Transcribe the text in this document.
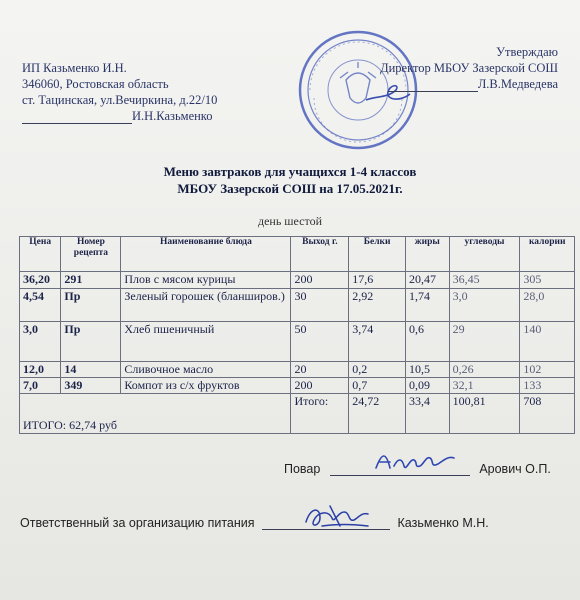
ИП Казьменко И.Н.
346060, Ростовская область
ст. Тацинская, ул.Вечиркина, д.22/10
И.Н.Казьменко
Утверждаю
Директор МБОУ Зазерской СОШ
Л.В.Медведева
Меню завтраков для учащихся 1-4 классов
МБОУ Зазерской СОШ на 17.05.2021г.
день шестой
Цена	Номер рецепта	Наименование блюда	Выход г.	Белки	жиры	углеводы	калории
36,20	291	Плов с мясом курицы	200	17,6	20,47	36,45	305
4,54	Пр	Зеленый горошек (бланширов.)	30	2,92	1,74	3,0	28,0
3,0	Пр	Хлеб пшеничный	50	3,74	0,6	29	140
12,0	14	Сливочное масло	20	0,2	10,5	0,26	102
7,0	349	Компот из с/х фруктов	200	0,7	0,09	32,1	133
ИТОГО: 62,74 руб			Итого:	24,72	33,4	100,81	708
Повар	Арович О.П.
Ответственный за организацию питания	Казьменко М.Н.
